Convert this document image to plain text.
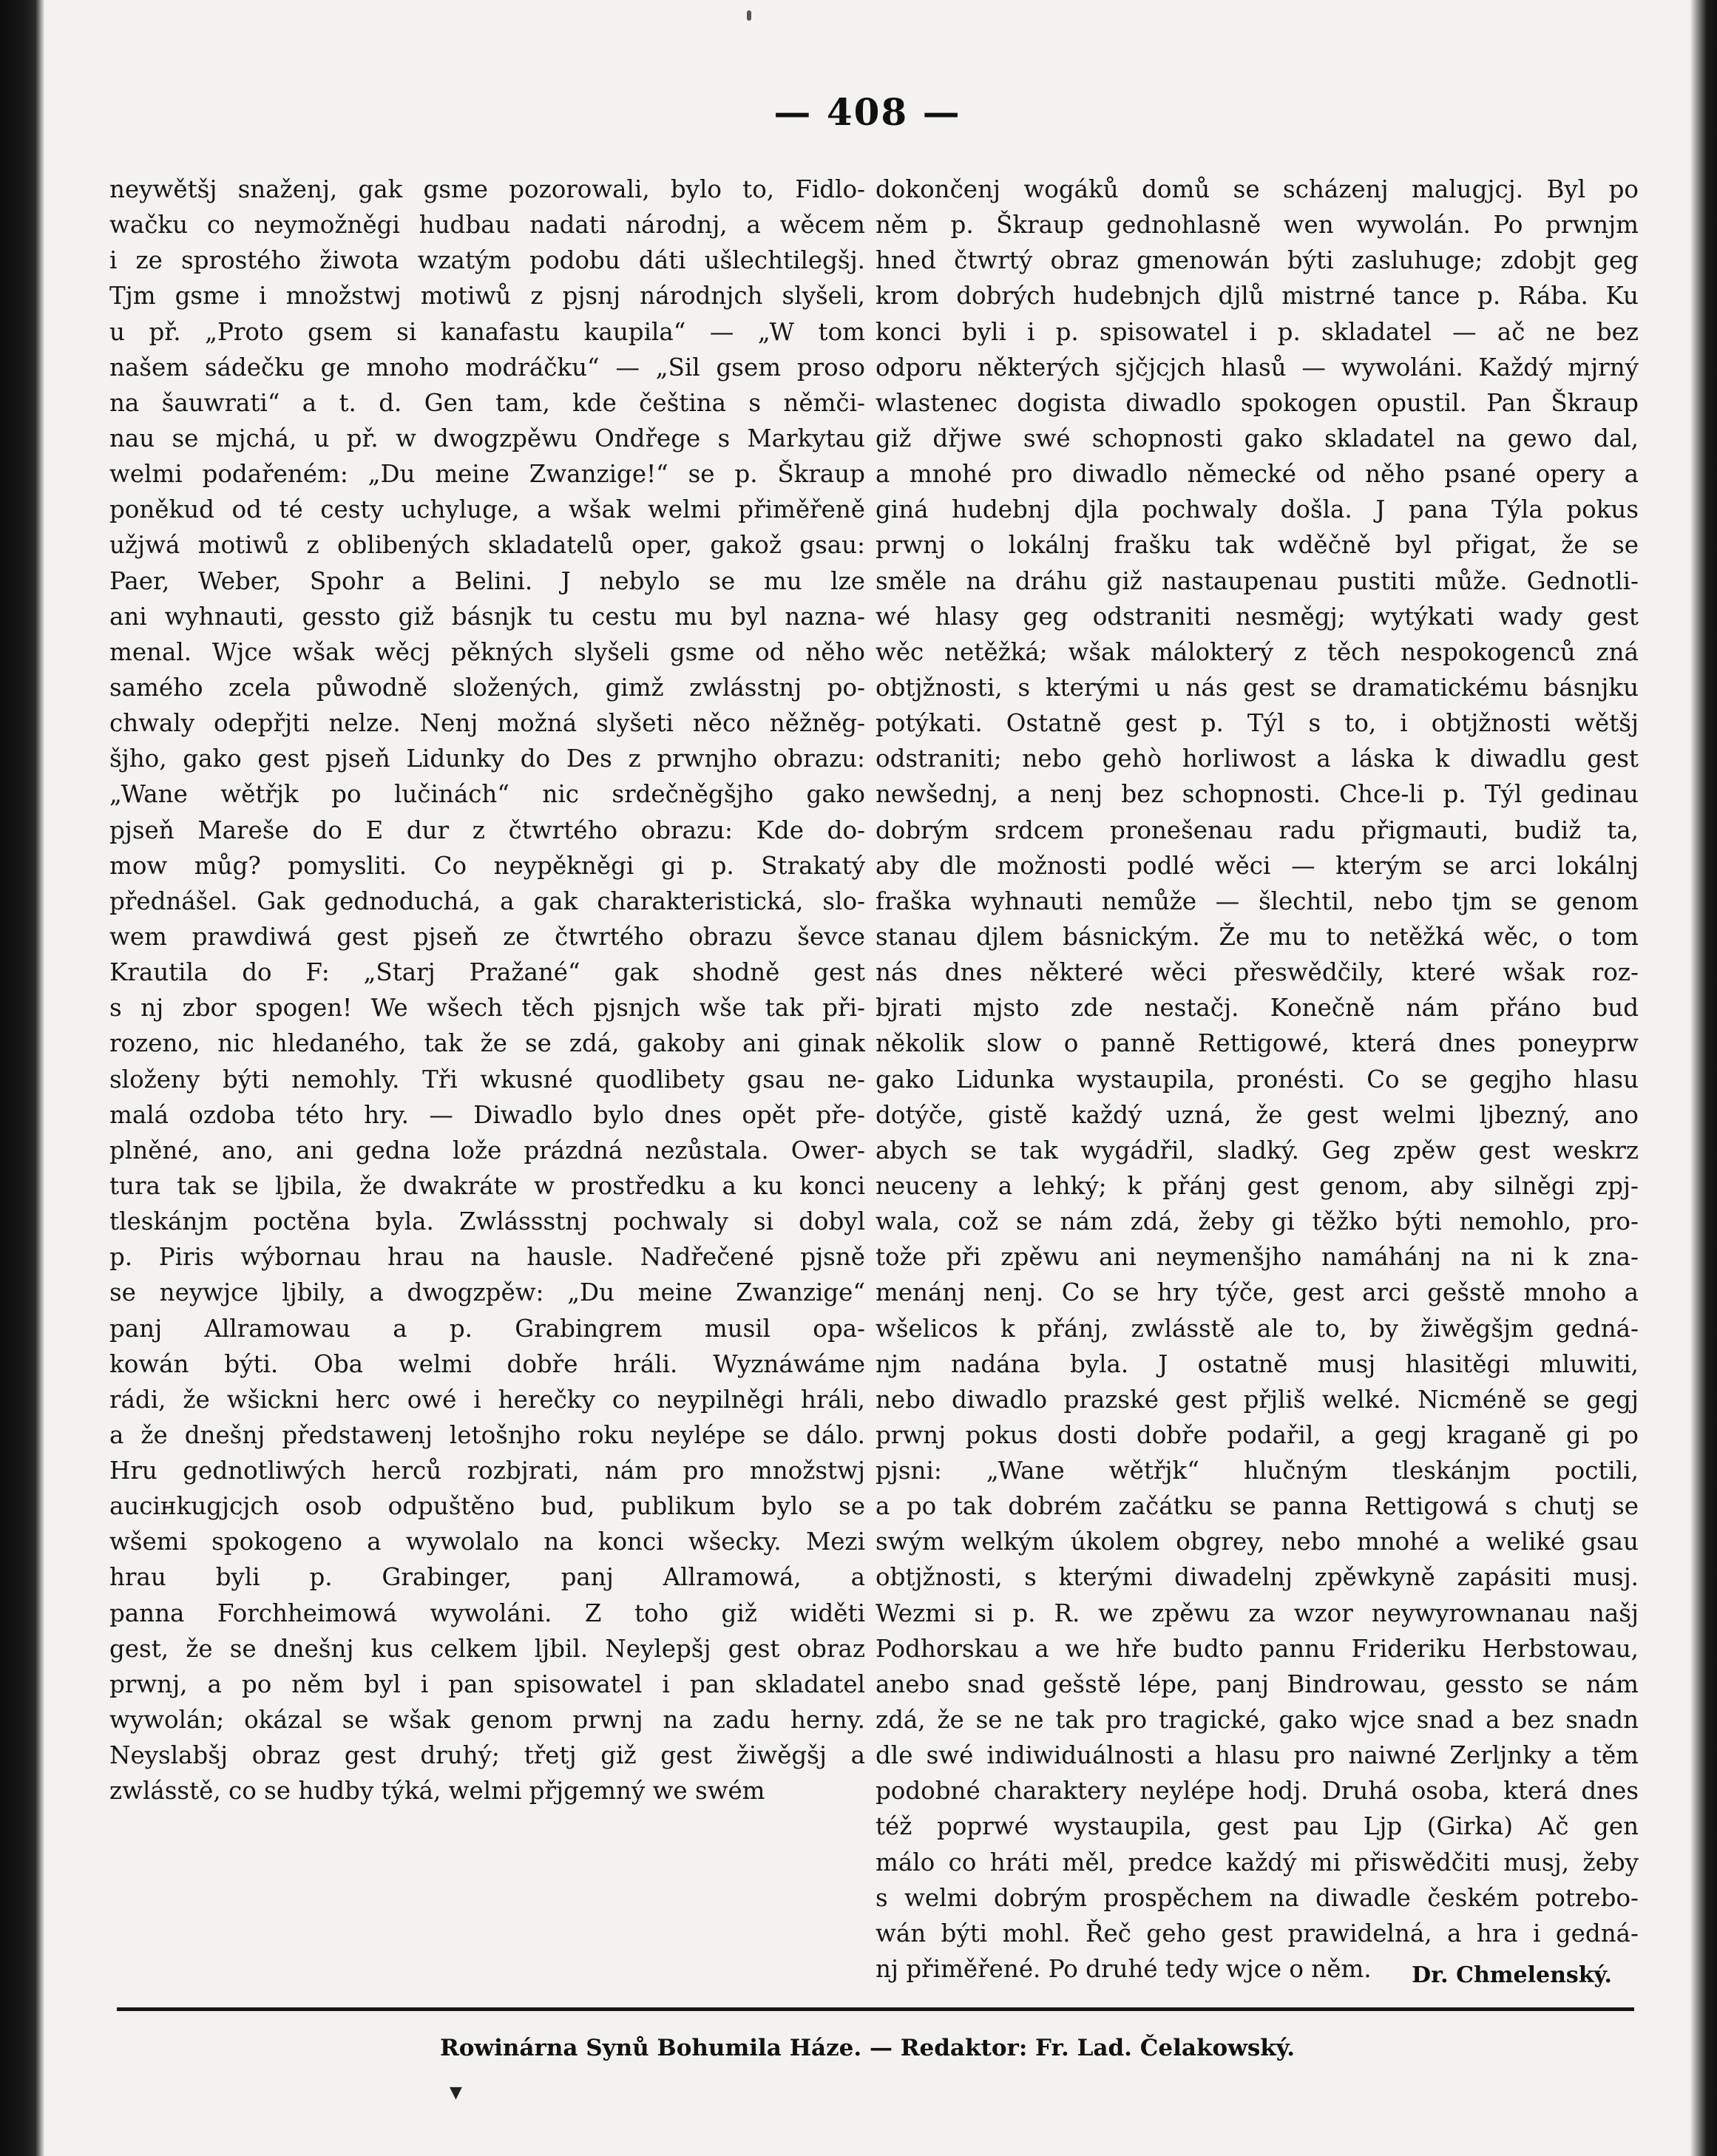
— 408 —
neywětšj snaženj, gak gsme pozorowali, bylo to, Fidlo-
wačku co neymožněgi hudbau nadati národnj, a wěcem
i ze sprostého žiwota wzatým podobu dáti ušlechtilegšj.
Tjm gsme i množstwj motiwů z pjsnj národnjch slyšeli,
u př. „Proto gsem si kanafastu kaupila“ — „W tom
našem sádečku ge mnoho modráčku“ — „Sil gsem proso
na šauwrati“ a t. d. Gen tam, kde čeština s němči-
nau se mjchá, u př. w dwogzpěwu Ondřege s Markytau
welmi podařeném: „Du meine Zwanzige!“ se p. Škraup
poněkud od té cesty uchyluge, a wšak welmi přiměřeně
užjwá motiwů z oblibených skladatelů oper, gakož gsau:
Paer, Weber, Spohr a Belini. J nebylo se mu lze
ani wyhnauti, gesstо giž básnjk tu cestu mu byl nazna-
menal. Wjce wšak wěcj pěkných slyšeli gsme od něho
samého zcela půwodně složených, gimž zwlásstnj po-
chwaly odepřjti nelze. Nenj možná slyšeti něco něžněg-
šjho, gako gest pjseň Lidunky do Des z prwnjho obrazu:
„Wane wětřjk po lučinách“ nic srdečněgšjho gako
pjseň Mareše do E dur z čtwrtého obrazu: Kde do-
mow můg? pomysliti. Co neypěkněgi gi p. Strakatý
přednášel. Gak gednoduchá, a gak charakteristická, slo-
wem prawdiwá gest pjseň ze čtwrtého obrazu ševce
Krautila do F: „Starj Pražané“ gak shodně gest
s nj zbor spogen! We wšech těch pjsnjch wše tak při-
rozeno, nic hledaného, tak že se zdá, gakoby ani ginak
složeny býti nemohly. Tři wkusné quodlibety gsau ne-
malá ozdoba této hry. — Diwadlo bylo dnes opět pře-
plněné, ano, ani gedna lože prázdná nezůstala. Ower-
tura tak se ljbila, že dwakráte w prostředku a ku konci
tleskánjm poctěna byla. Zwlássstnj pochwaly si dobyl
p. Piris wýbornau hrau na hausle. Nadřečené pjsně
se neywjce ljbily, a dwogzpěw: „Du meine Zwanzige“
panj Allramowau a p. Grabingrem musil opa-
kowán býti. Oba welmi dobře hráli. Wyznáwáme
rádi, že wšickni herc owé i herečky co neypilněgi hráli,
a že dnešnj předstawenj letošnjho roku neylépe se dálo.
Hru gednotliwých herců rozbjrati, nám pro množstwj
auciнkugjcjch osob odpuštěno bud, publikum bylo se
wšemi spokogeno a wywolalo na konci wšecky. Mezi
hrau byli p. Grabinger, panj Allramowá, a
panna Forchheimowá wywoláni. Z toho giž widěti
gest, že se dnešnj kus celkem ljbil. Neylepšj gest obraz
prwnj, a po něm byl i pan spisowatel i pan skladatel
wywolán; okázal se wšak genom prwnj na zadu herny.
Neyslabšj obraz gest druhý; třetj giž gest žiwěgšj a
zwlásstě, co se hudby týká, welmi přjgemný we swém
dokončenj wogáků domů se scházenj malugjcj. Byl po
něm p. Škraup gednohlasně wen wywolán. Po prwnjm
hned čtwrtý obraz gmenowán býti zasluhuge; zdobjt geg
krom dobrých hudebnjch djlů mistrné tance p. Rába. Ku
konci byli i p. spisowatel i p. skladatel — ač ne bez
odporu některých sjčjcjch hlasů — wywoláni. Každý mjrný
wlastenec dogista diwadlo spokogen opustil. Pan Škraup
giž dřjwe swé schopnosti gako skladatel na gewo dal,
a mnohé pro diwadlo německé od něho psané opery a
giná hudebnj djla pochwaly došla. J pana Týla pokus
prwnj o lokálnj frašku tak wděčně byl přigat, že se
směle na dráhu giž nastaupenau pustiti může. Gednotli-
wé hlasy geg odstraniti nesměgj; wytýkati wady gest
wěc netěžká; wšak málokterý z těch nespokogenců zná
obtjžnosti, s kterými u nás gest se dramatickému básnjku
potýkati. Ostatně gest p. Týl s to, i obtjžnosti wětšj
odstraniti; nebo gehò horliwost a láska k diwadlu gest
newšednj, a nenj bez schopnosti. Chce-li p. Týl gedinau
dobrým srdcem pronešenau radu přigmauti, budiž ta,
aby dle možnosti podlé wěci — kterým se arci lokálnj
fraška wyhnauti nemůže — šlechtil, nebo tjm se genom
stanau djlem básnickým. Že mu to netěžká wěc, o tom
nás dnes některé wěci přeswědčily, které wšak roz-
bjrati mjsto zde nestačj. Konečně nám přáno bud
několik slow o panně Rettigowé, která dnes poneyprw
gako Lidunka wystaupila, pronésti. Co se gegjho hlasu
dotýče, gistě každý uzná, že gest welmi ljbezný, ano
abych se tak wygádřil, sladký. Geg zpěw gest weskrz
neuceny a lehký; k přánj gest genom, aby silněgi zpj-
wala, což se nám zdá, žeby gi těžko býti nemohlo, pro-
tože při zpěwu ani neymenšjho namáhánj na ni k zna-
menánj nenj. Co se hry týče, gest arci gešstě mnoho a
wšelicos k přánj, zwlásstě ale to, by žiwěgšjm gedná-
njm nadána byla. J ostatně musj hlasitěgi mluwiti,
nebo diwadlo prazské gest přjliš welké. Nicméně se gegj
prwnj pokus dosti dobře podařil, a gegj kraganě gi po
pjsni: „Wane wětřjk“ hlučným tleskánjm poctili,
a po tak dobrém začátku se panna Rettigowá s chutj se
swým welkým úkolem obgrey, nebo mnohé a weliké gsau
obtjžnosti, s kterými diwadelnj zpěwkyně zapásiti musj.
Wezmi si p. R. we zpěwu za wzor neywyrownanau našj
Podhorskau a we hře budto pannu Frideriku Herbstowau,
anebo snad gešstě lépe, panj Bindrowau, gesstо se nám
zdá, že se ne tak pro tragické, gako wjce snad a bez snadn
dle swé indiwiduálnosti a hlasu pro naiwné Zerljnky a těm
podobné charaktery neylépe hodj. Druhá osoba, která dnes
též poprwé wystaupila, gest pau Ljp (Girka) Ač gen
málo co hráti měl, predce každý mi přiswědčiti musj, žeby
s welmi dobrým prospěchem na diwadle českém potrebo-
wán býti mohl. Řeč geho gest prawidelná, a hra i gedná-
nj přiměřené. Po druhé tedy wjce o něm.	Dr. Chmelenský.
Rowinárna Synů Bohumila Háze. — Redaktor: Fr. Lad. Čelakowský.
▼
